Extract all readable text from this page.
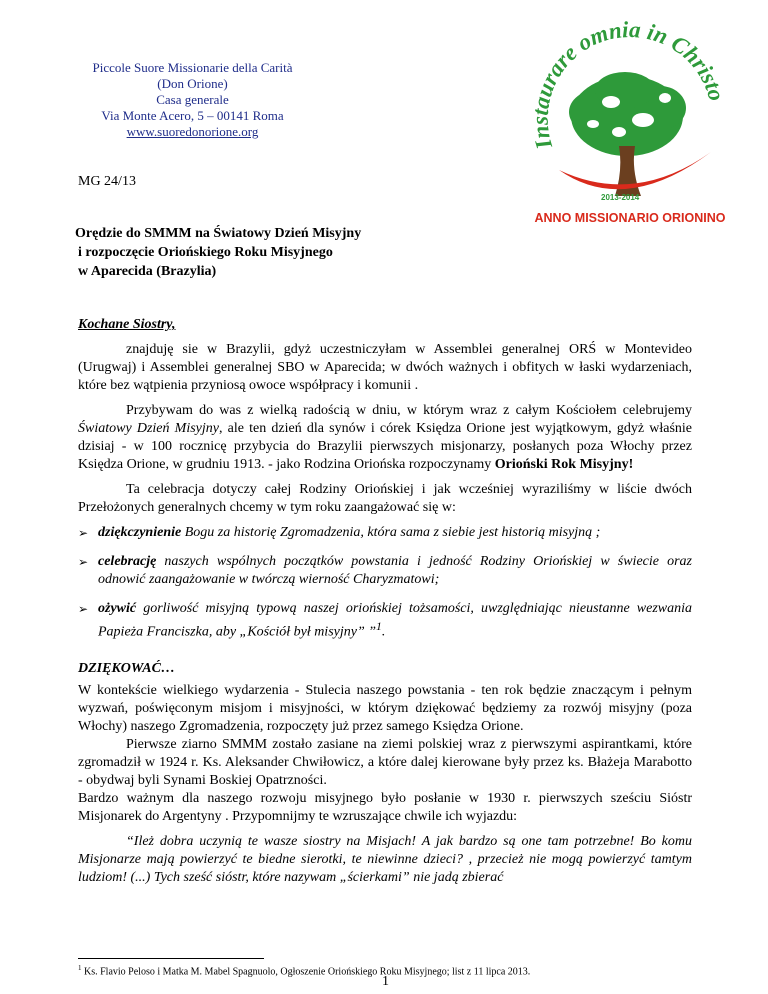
Piccole Suore Missionarie della Carità
(Don Orione)
Casa generale
Via Monte Acero, 5 – 00141 Roma
www.suoredonorione.org
Instaurare omnia in Christo
2013-2014
ANNO MISSIONARIO ORIONINO
MG 24/13
Orędzie do SMMM na Światowy Dzień Misyjny
i rozpoczęcie Oriońskiego Roku Misyjnego
w Aparecida (Brazylia)

Kochane Siostry,

znajduję sie w Brazylii, gdyż uczestniczyłam w Assemblei generalnej ORŚ w Montevideo (Urugwaj) i Assemblei generalnej SBO w Aparecida; w dwóch ważnych i obfitych w łaski wydarzeniach, które bez wątpienia przyniosą owoce współpracy i komunii .

Przybywam do was z wielką radością w dniu, w którym wraz z całym Kościołem celebrujemy Światowy Dzień Misyjny, ale ten dzień dla synów i córek Księdza Orione jest wyjątkowym, gdyż właśnie dzisiaj - w 100 rocznicę przybycia do Brazylii pierwszych misjonarzy, posłanych poza Włochy przez Księdza Orione, w grudniu 1913. - jako Rodzina Oriońska rozpoczynamy Orioński Rok Misyjny!

Ta celebracja dotyczy całej Rodziny Oriońskiej i jak wcześniej wyraziliśmy w liście dwóch Przełożonych generalnych chcemy w tym roku zaangażować się w:

➢ dziękczynienie Bogu za historię Zgromadzenia, która sama z siebie jest historią misyjną ;
➢ celebrację naszych wspólnych początków powstania i jedność Rodziny Oriońskiej w świecie oraz odnowić zaangażowanie w twórczą wierność Charyzmatowi;
➢ ożywić gorliwość misyjną typową naszej oriońskiej tożsamości, uwzględniając nieustanne wezwania Papieża Franciszka, aby „Kościół był misyjny” ”$^1$.
DZIĘKOWAĆ…

W kontekście wielkiego wydarzenia - Stulecia naszego powstania - ten rok będzie znaczącym i pełnym wyzwań, poświęconym misjom i misyjności, w którym dziękować będziemy za rozwój misyjny (poza Włochy) naszego Zgromadzenia, rozpoczęty już przez samego Księdza Orione.

Pierwsze ziarno SMMM zostało zasiane na ziemi polskiej wraz z pierwszymi aspirantkami, które zgromadził w 1924 r. Ks. Aleksander Chwiłowicz, a które dalej kierowane były przez ks. Błażeja Marabotto - obydwaj byli Synami Boskiej Opatrzności.

Bardzo ważnym dla naszego rozwoju misyjnego było posłanie w 1930 r. pierwszych sześciu Sióstr Misjonarek do Argentyny . Przypomnijmy te wzruszające chwile ich wyjazdu:

“Ileż dobra uczynią te wasze siostry na Misjach! A jak bardzo są one tam potrzebne! Bo komu Misjonarze mają powierzyć te biedne sierotki, te niewinne dzieci? , przecież nie mogą powierzyć tamtym ludziom! (...) Tych sześć sióstr, które nazywam „ścierkami” nie jadą zbierać

$^1$ Ks. Flavio Peloso i Matka M. Mabel Spagnuolo, Ogłoszenie Oriońskiego Roku Misyjnego; list z 11 lipca 2013.
1
